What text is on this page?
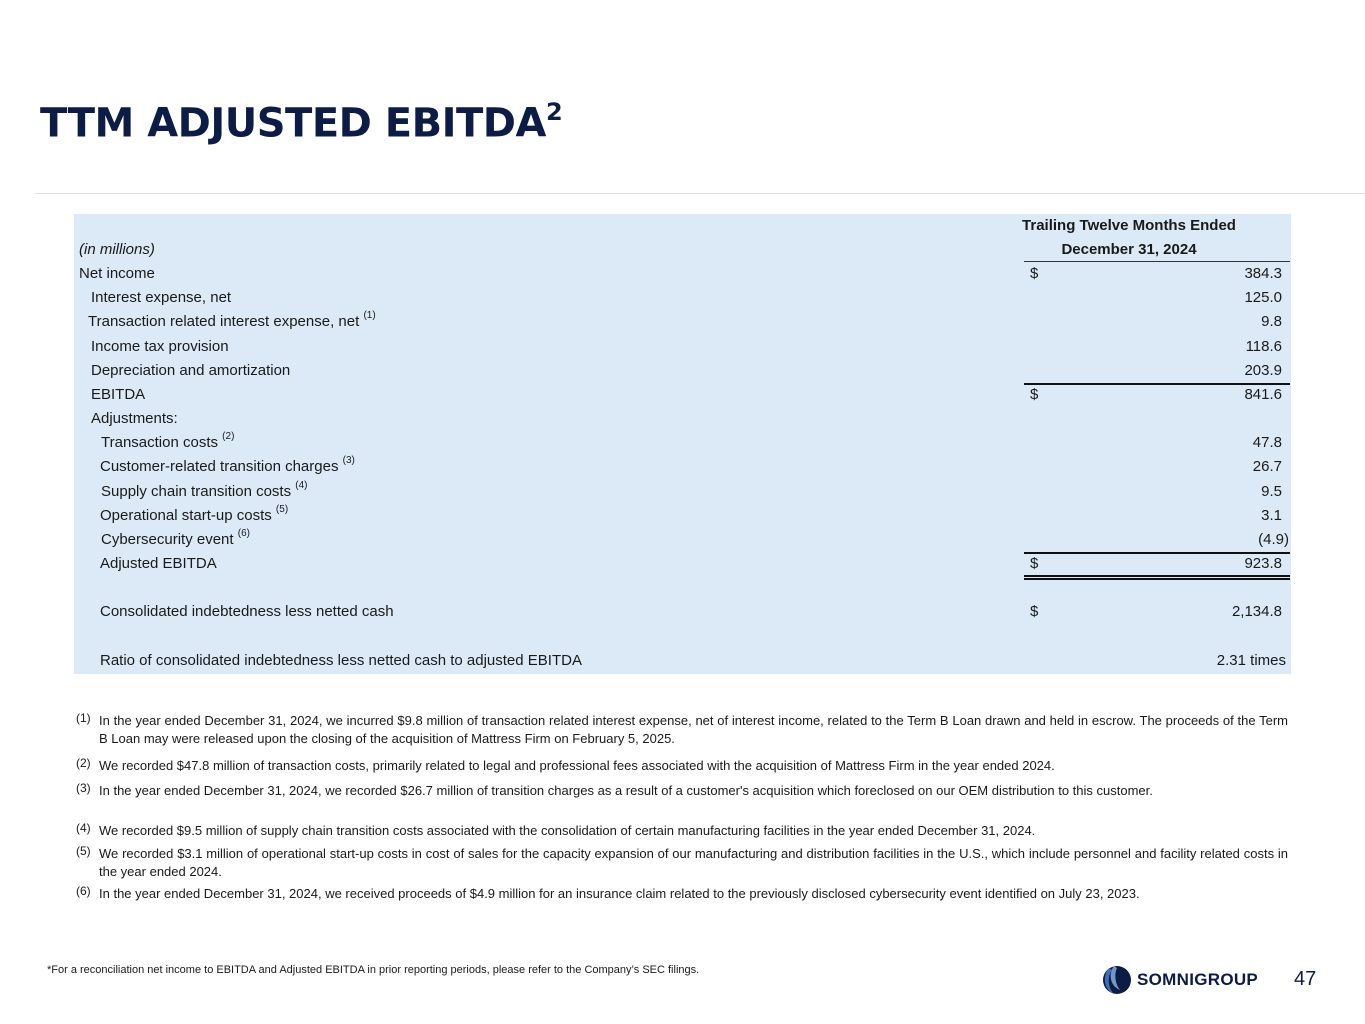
TTM ADJUSTED EBITDA$^2$
Trailing Twelve Months Ended
December 31, 2024
(in millions)
Net income	$	384.3
Interest expense, net	125.0
Transaction related interest expense, net $^{(1)}$	9.8
Income tax provision	118.6
Depreciation and amortization	203.9
EBITDA	$	841.6
Adjustments:
Transaction costs $^{(2)}$	47.8
Customer-related transition charges $^{(3)}$	26.7
Supply chain transition costs $^{(4)}$	9.5
Operational start-up costs $^{(5)}$	3.1
Cybersecurity event $^{(6)}$	(4.9)
Adjusted EBITDA	$	923.8
Consolidated indebtedness less netted cash	$	2,134.8
Ratio of consolidated indebtedness less netted cash to adjusted EBITDA	2.31 times
(1) In the year ended December 31, 2024, we incurred $9.8 million of transaction related interest expense, net of interest income, related to the Term B Loan drawn and held in escrow. The proceeds of the Term B Loan may were released upon the closing of the acquisition of Mattress Firm on February 5, 2025.
(2) We recorded $47.8 million of transaction costs, primarily related to legal and professional fees associated with the acquisition of Mattress Firm in the year ended 2024.
(3) In the year ended December 31, 2024, we recorded $26.7 million of transition charges as a result of a customer's acquisition which foreclosed on our OEM distribution to this customer.
(4) We recorded $9.5 million of supply chain transition costs associated with the consolidation of certain manufacturing facilities in the year ended December 31, 2024.
(5) We recorded $3.1 million of operational start-up costs in cost of sales for the capacity expansion of our manufacturing and distribution facilities in the U.S., which include personnel and facility related costs in the year ended 2024.
(6) In the year ended December 31, 2024, we received proceeds of $4.9 million for an insurance claim related to the previously disclosed cybersecurity event identified on July 23, 2023.
*For a reconciliation net income to EBITDA and Adjusted EBITDA in prior reporting periods, please refer to the Company’s SEC filings.	SOMNIGROUP 47
